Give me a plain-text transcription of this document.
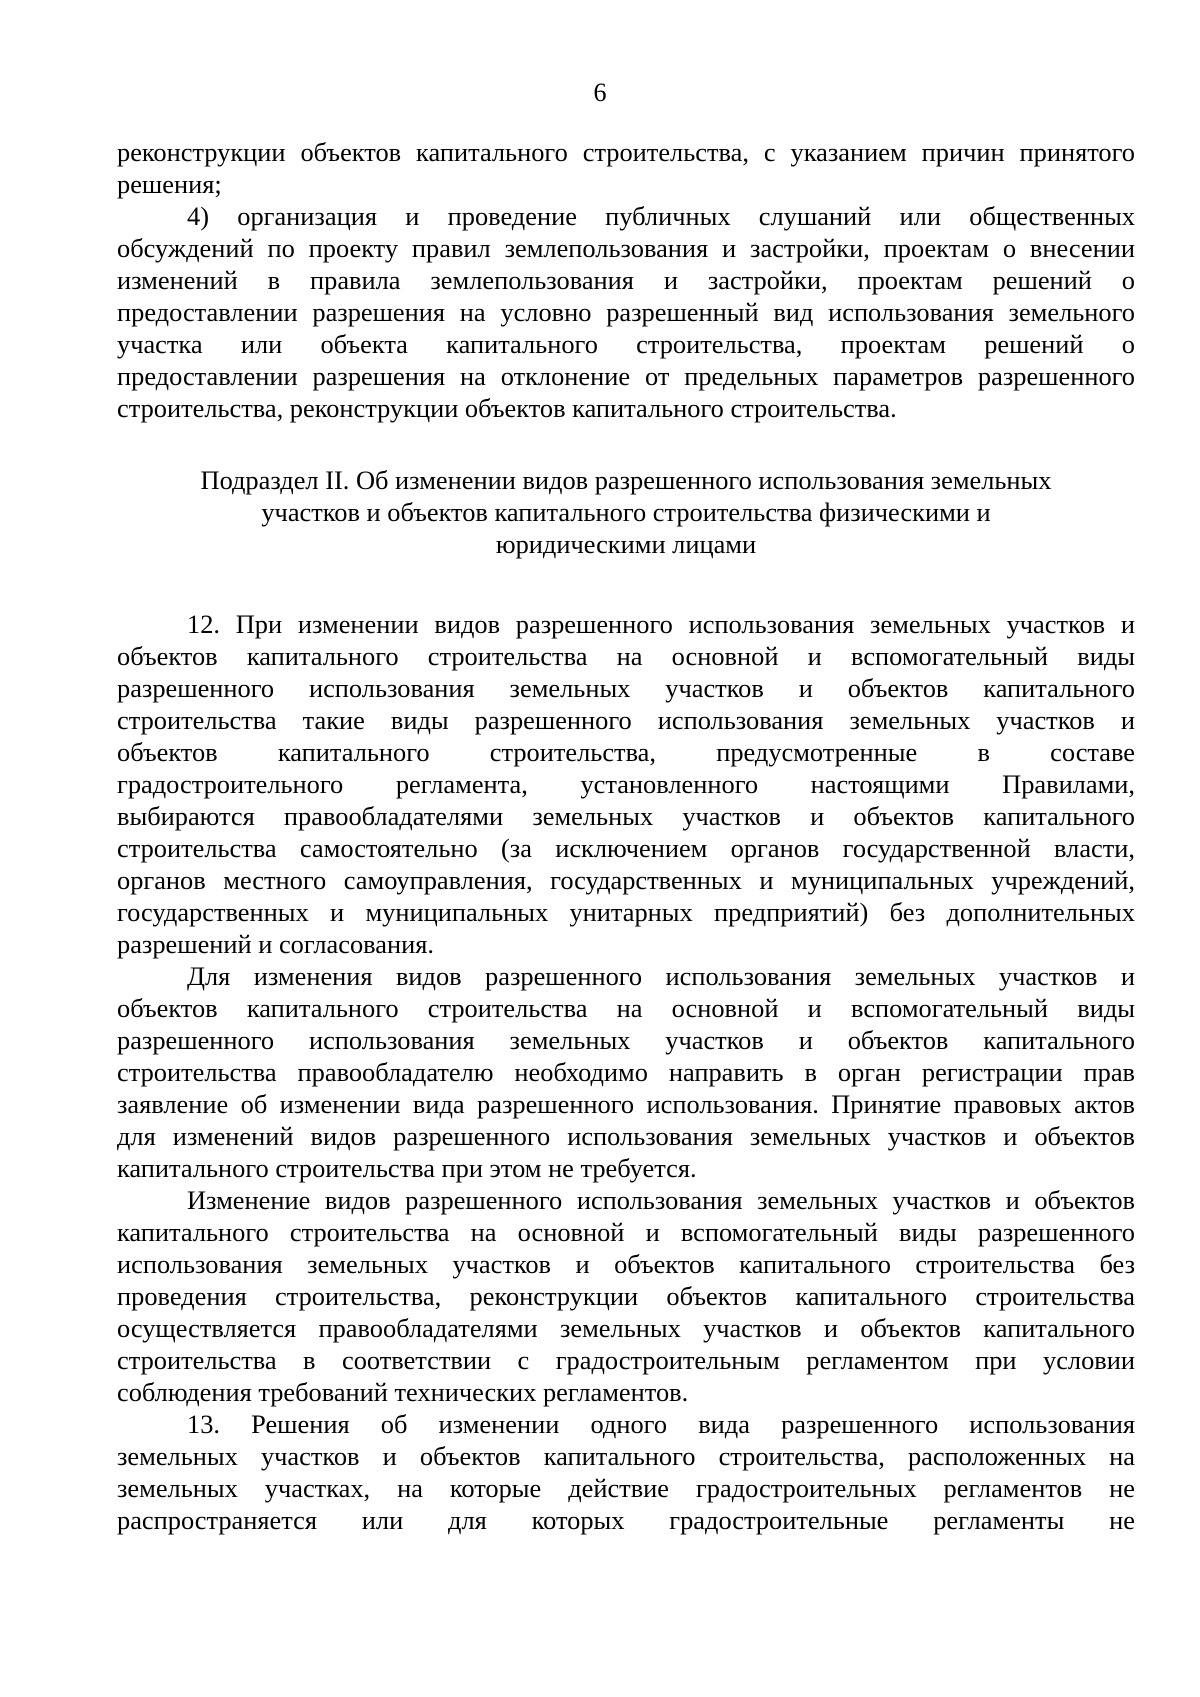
6

реконструкции объектов капитального строительства, с указанием причин принятого
решения;

4) организация и проведение публичных слушаний или общественных
обсуждений по проекту правил землепользования и застройки, проектам о внесении
изменений в правила землепользования и застройки, проектам решений о
предоставлении разрешения на условно разрешенный вид использования земельного
участка или объекта капитального строительства, проектам решений о
предоставлении разрешения на отклонение от предельных параметров разрешенного
строительства, реконструкции объектов капитального строительства.

Подраздел II. Об изменении видов разрешенного использования земельных
участков и объектов капитального строительства физическими и
юридическими лицами

12. При изменении видов разрешенного использования земельных участков и
объектов капитального строительства на основной и вспомогательный виды
разрешенного использования земельных участков и объектов капитального
строительства такие виды разрешенного использования земельных участков и
объектов капитального строительства, предусмотренные в составе
градостроительного регламента, установленного настоящими Правилами,
выбираются правообладателями земельных участков и объектов капитального
строительства самостоятельно (за исключением органов государственной власти,
органов местного самоуправления, государственных и муниципальных учреждений,
государственных и муниципальных унитарных предприятий) без дополнительных
разрешений и согласования.

Для изменения видов разрешенного использования земельных участков и
объектов капитального строительства на основной и вспомогательный виды
разрешенного использования земельных участков и объектов капитального
строительства правообладателю необходимо направить в орган регистрации прав
заявление об изменении вида разрешенного использования. Принятие правовых актов
для изменений видов разрешенного использования земельных участков и объектов
капитального строительства при этом не требуется.

Изменение видов разрешенного использования земельных участков и объектов
капитального строительства на основной и вспомогательный виды разрешенного
использования земельных участков и объектов капитального строительства без
проведения строительства, реконструкции объектов капитального строительства
осуществляется правообладателями земельных участков и объектов капитального
строительства в соответствии с градостроительным регламентом при условии
соблюдения требований технических регламентов.

13. Решения об изменении одного вида разрешенного использования
земельных участков и объектов капитального строительства, расположенных на
земельных участках, на которые действие градостроительных регламентов не
распространяется или для которых градостроительные регламенты не
